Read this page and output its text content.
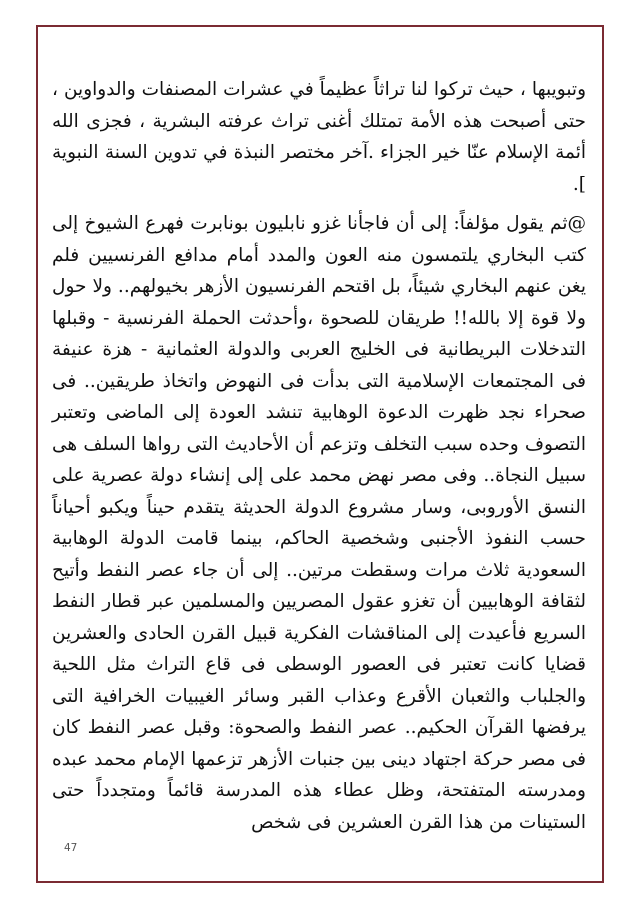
وتبويبها ، حيث تركوا لنا تراثاً عظيماً في عشرات المصنفات والدواوين ، حتى أصبحت هذه الأمة تمتلك أغنى تراث عرفته البشرية ، فجزى الله أئمة الإسلام عنّا خير الجزاء .آخر مختصر النبذة في تدوين السنة النبوية ].

@ثم يقول مؤلفاً: إلى أن فاجأنا غزو نابليون بونابرت فهرع الشيوخ إلى كتب البخاري يلتمسون منه العون والمدد أمام مدافع الفرنسيين فلم يغن عنهم البخاري شيئاً، بل اقتحم الفرنسيون الأزهر بخيولهم.. ولا حول ولا قوة إلا بالله!! طريقان للصحوة ،وأحدثت الحملة الفرنسية - وقبلها التدخلات البريطانية فى الخليج العربى والدولة العثمانية - هزة عنيفة فى المجتمعات الإسلامية التى بدأت فى النهوض واتخاذ طريقين.. فى صحراء نجد ظهرت الدعوة الوهابية تنشد العودة إلى الماضى وتعتبر التصوف وحده سبب التخلف وتزعم أن الأحاديث التى رواها السلف هى سبيل النجاة.. وفى مصر نهض محمد على إلى إنشاء دولة عصرية على النسق الأوروبى، وسار مشروع الدولة الحديثة يتقدم حيناً ويكبو أحياناً حسب النفوذ الأجنبى وشخصية الحاكم، بينما قامت الدولة الوهابية السعودية ثلاث مرات وسقطت مرتين.. إلى أن جاء عصر النفط وأتيح لثقافة الوهابيين أن تغزو عقول المصريين والمسلمين عبر قطار النفط السريع فأعيدت إلى المناقشات الفكرية قبيل القرن الحادى والعشرين قضايا كانت تعتبر فى العصور الوسطى فى قاع التراث مثل اللحية والجلباب والثعبان الأقرع وعذاب القبر وسائر الغيبيات الخرافية التى يرفضها القرآن الحكيم.. عصر النفط والصحوة: وقبل عصر النفط كان فى مصر حركة اجتهاد دينى بين جنبات الأزهر تزعمها الإمام محمد عبده ومدرسته المتفتحة، وظل عطاء هذه المدرسة قائماً ومتجدداً حتى الستينات من هذا القرن العشرين فى شخص

47
